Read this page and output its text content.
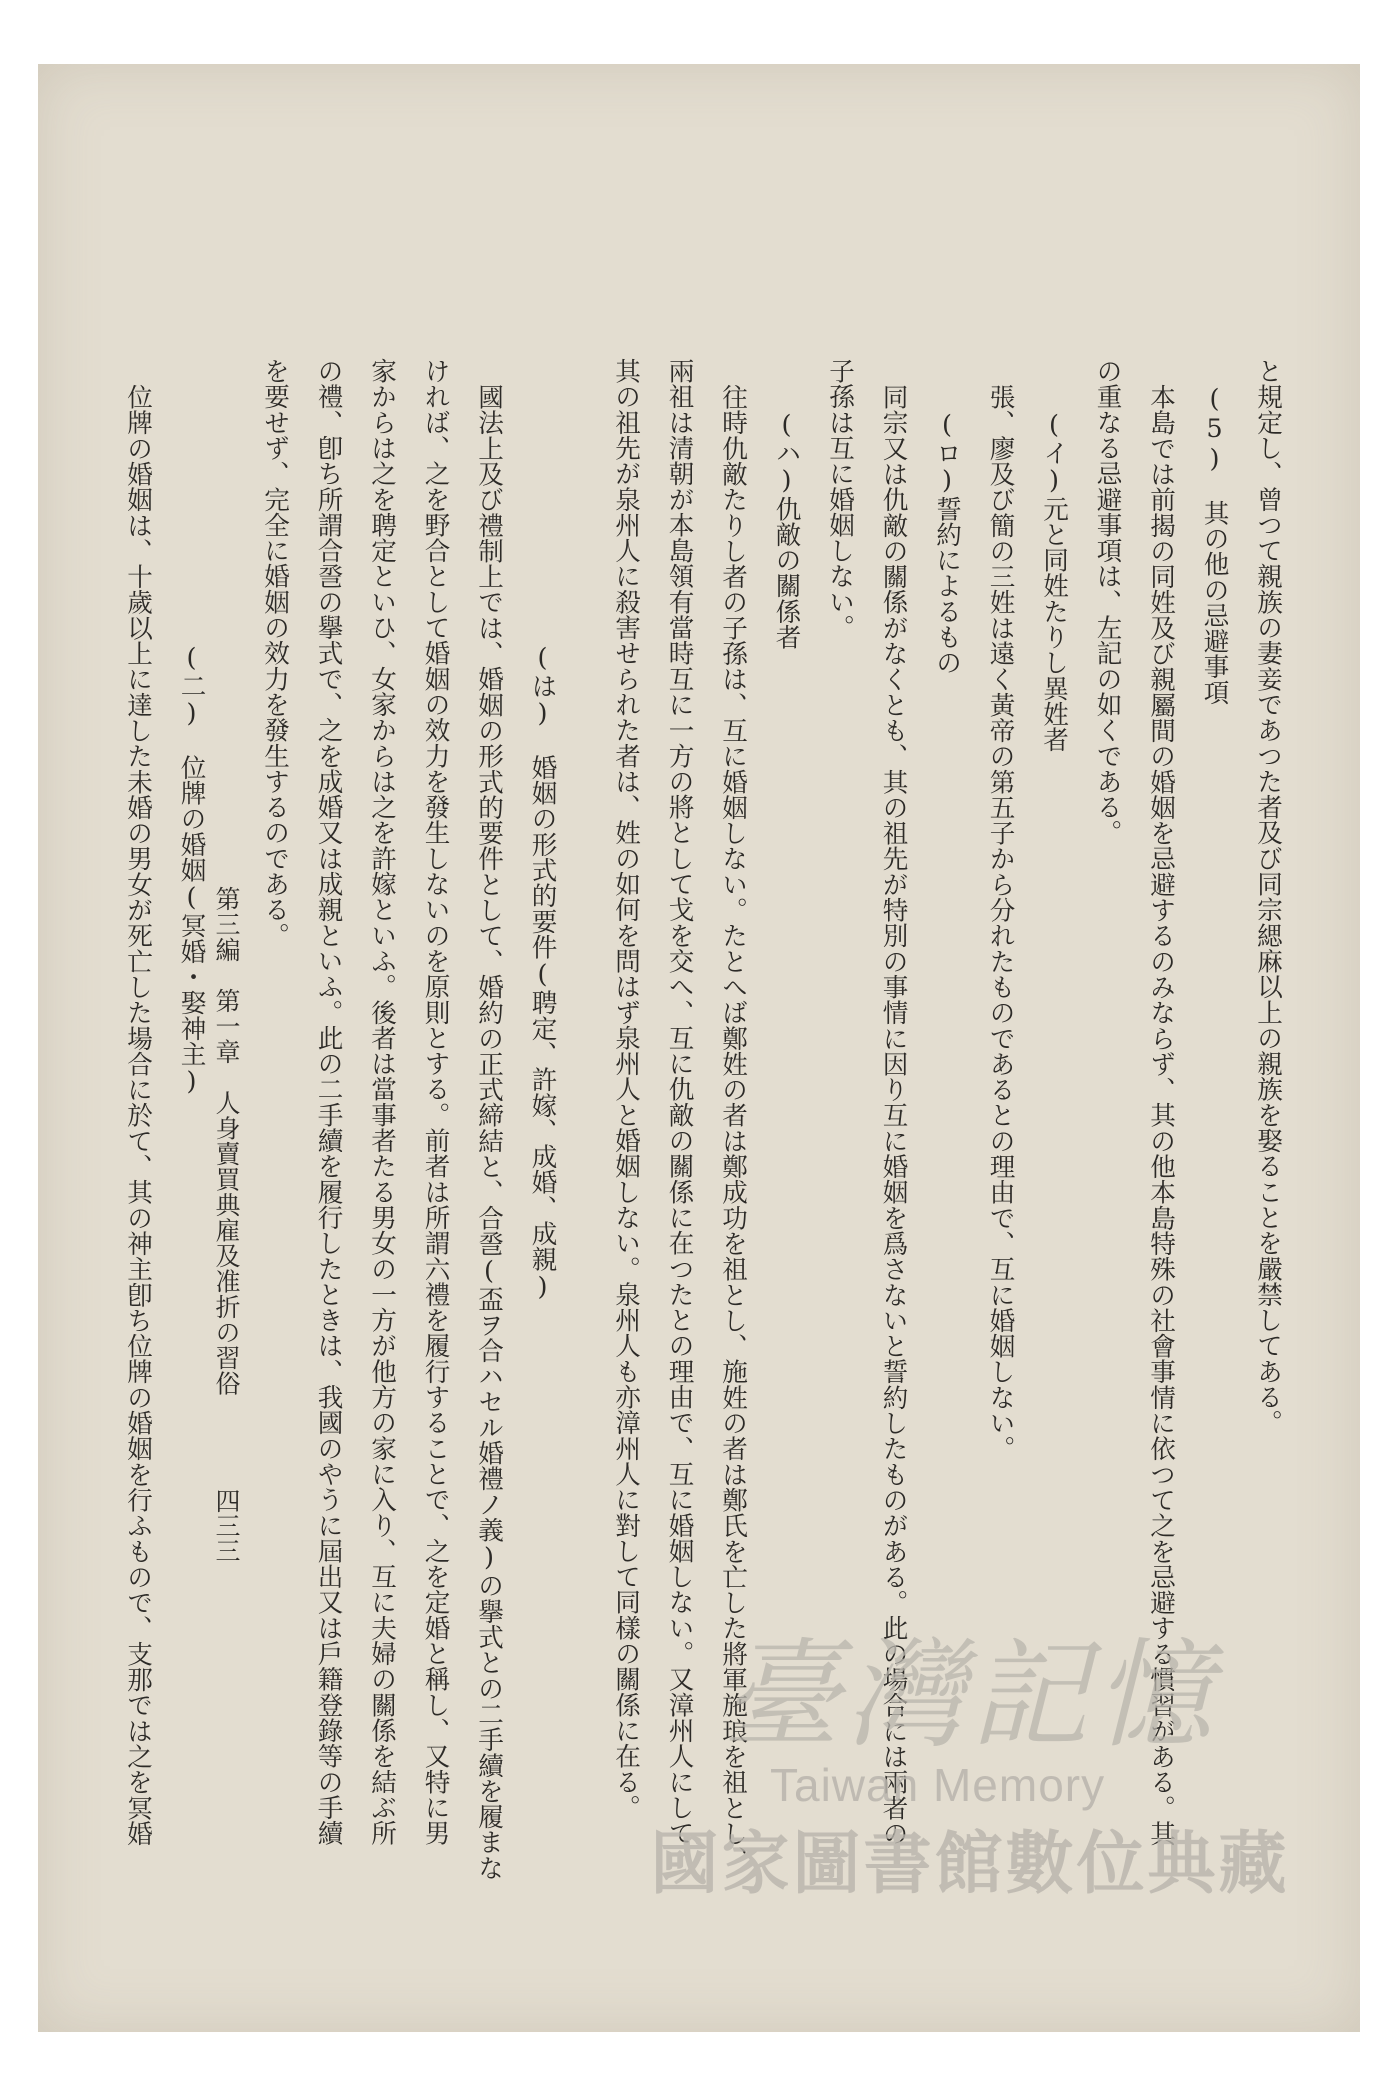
と規定し、曾つて親族の妻妾であつた者及び同宗緦麻以上の親族を娶ることを嚴禁してある。
(5)　其の他の忌避事項
本島では前揭の同姓及び親屬間の婚姻を忌避するのみならず、其の他本島特殊の社會事情に依つて之を忌避する慣習がある。其
の重なる忌避事項は、左記の如くである。
(イ)元と同姓たりし異姓者
張、廖及び簡の三姓は遠く黃帝の第五子から分れたものであるとの理由で、互に婚姻しない。
(ロ)誓約によるもの
同宗又は仇敵の關係がなくとも、其の祖先が特別の事情に因り互に婚姻を爲さないと誓約したものがある。此の場合には兩者の
子孫は互に婚姻しない。
(ハ)仇敵の關係者
往時仇敵たりし者の子孫は、互に婚姻しない。たとへば鄭姓の者は鄭成功を祖とし、施姓の者は鄭氏を亡した將軍施琅を祖とし、
兩祖は清朝が本島領有當時互に一方の將として戈を交へ、互に仇敵の關係に在つたとの理由で、互に婚姻しない。又漳州人にして
其の祖先が泉州人に殺害せられた者は、姓の如何を問はず泉州人と婚姻しない。泉州人も亦漳州人に對して同樣の關係に在る。
(は)　婚姻の形式的要件(聘定、許嫁、成婚、成親)
國法上及び禮制上では、婚姻の形式的要件として、婚約の正式締結と、合巹(盃ヲ合ハセル婚禮ノ義)の擧式との二手續を履まな
ければ、之を野合として婚姻の效力を發生しないのを原則とする。前者は所謂六禮を履行することで、之を定婚と稱し、又特に男
家からは之を聘定といひ、女家からは之を許嫁といふ。後者は當事者たる男女の一方が他方の家に入り、互に夫婦の關係を結ぶ所
の禮、卽ち所謂合巹の擧式で、之を成婚又は成親といふ。此の二手續を履行したときは、我國のやうに屆出又は戶籍登錄等の手續
を要せず、完全に婚姻の效力を發生するのである。
(二)　位牌の婚姻(冥婚・娶神主)
位牌の婚姻は、十歲以上に達した未婚の男女が死亡した場合に於て、其の神主卽ち位牌の婚姻を行ふもので、支那では之を冥婚	第三編　第一章　人身賣買典雇及准折の習俗
四三三
臺灣記憶
Taiwan Memory
國家圖書館數位典藏
